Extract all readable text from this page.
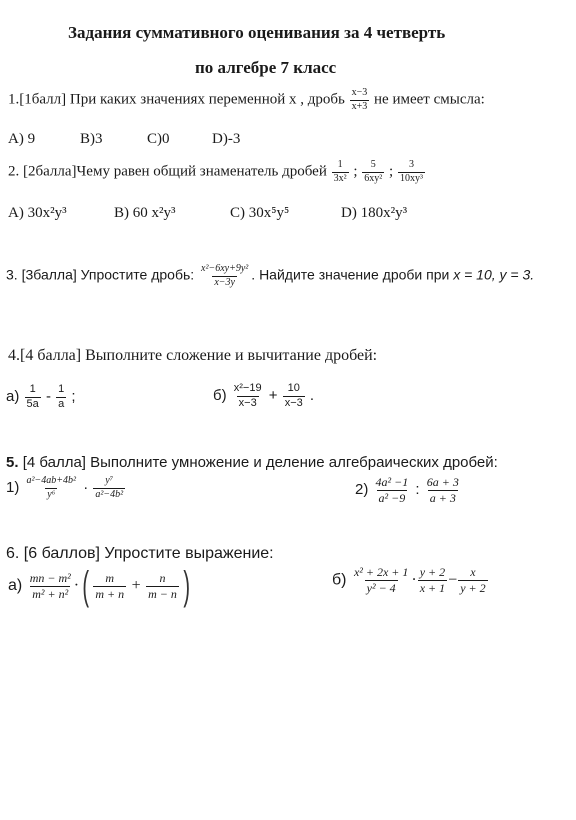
Задания суммативного оценивания за 4 четверть
по алгебре 7 класс
1.[1балл] При каких значениях переменной x , дробь $\frac{x-3}{x+3}$ не имеет смысла:
А) 9	В)3	С)0	D)-3
2. [2балла]Чему равен общий знаменатель дробей $\frac{1}{\text{3x²}}$ ; $\frac{5}{\text{6xy²}}$ ; $\frac{3}{\text{10xy³}}$
А) 30x²y³	В) 60 x²y³	С) 30x⁵y⁵	D) 180x²y³
3. [3балла] Упростите дробь: $\frac{\text{x²−6xy+9y²}}{x-3y}$ . Найдите значение дроби при x = 10, y = 3.
4.[4 балла] Выполните сложение и вычитание дробей:
$а) \frac{1}{5a} - \frac{1}{a}$ ;	$б) \frac{\text{x²−19}}{x-3} + \frac{10}{x-3}$ .
5. [4 балла] Выполните умножение и деление алгебраических дробей:
$1) \frac{\text{a²−4ab+4b²}}{\text{y⁶}} \cdot \frac{\text{y⁷}}{\text{a²−4b²}}$	$2) \frac{\text{4a² −1}}{\text{a² −9}}$ : $\frac{6a + 3}{a + 3}$
6. [6 баллов] Упростите выражение:
$а) \frac{\text{mn − m²}}{\text{m² + n²}}$ ·( $\frac{m}{m + n} + \frac{n}{m - n}$ )	$б) \frac{\text{x² + 2x + 1}}{\text{y² − 4}} \cdot \frac{y + 2}{x + 1} - \frac{x}{y + 2}$
